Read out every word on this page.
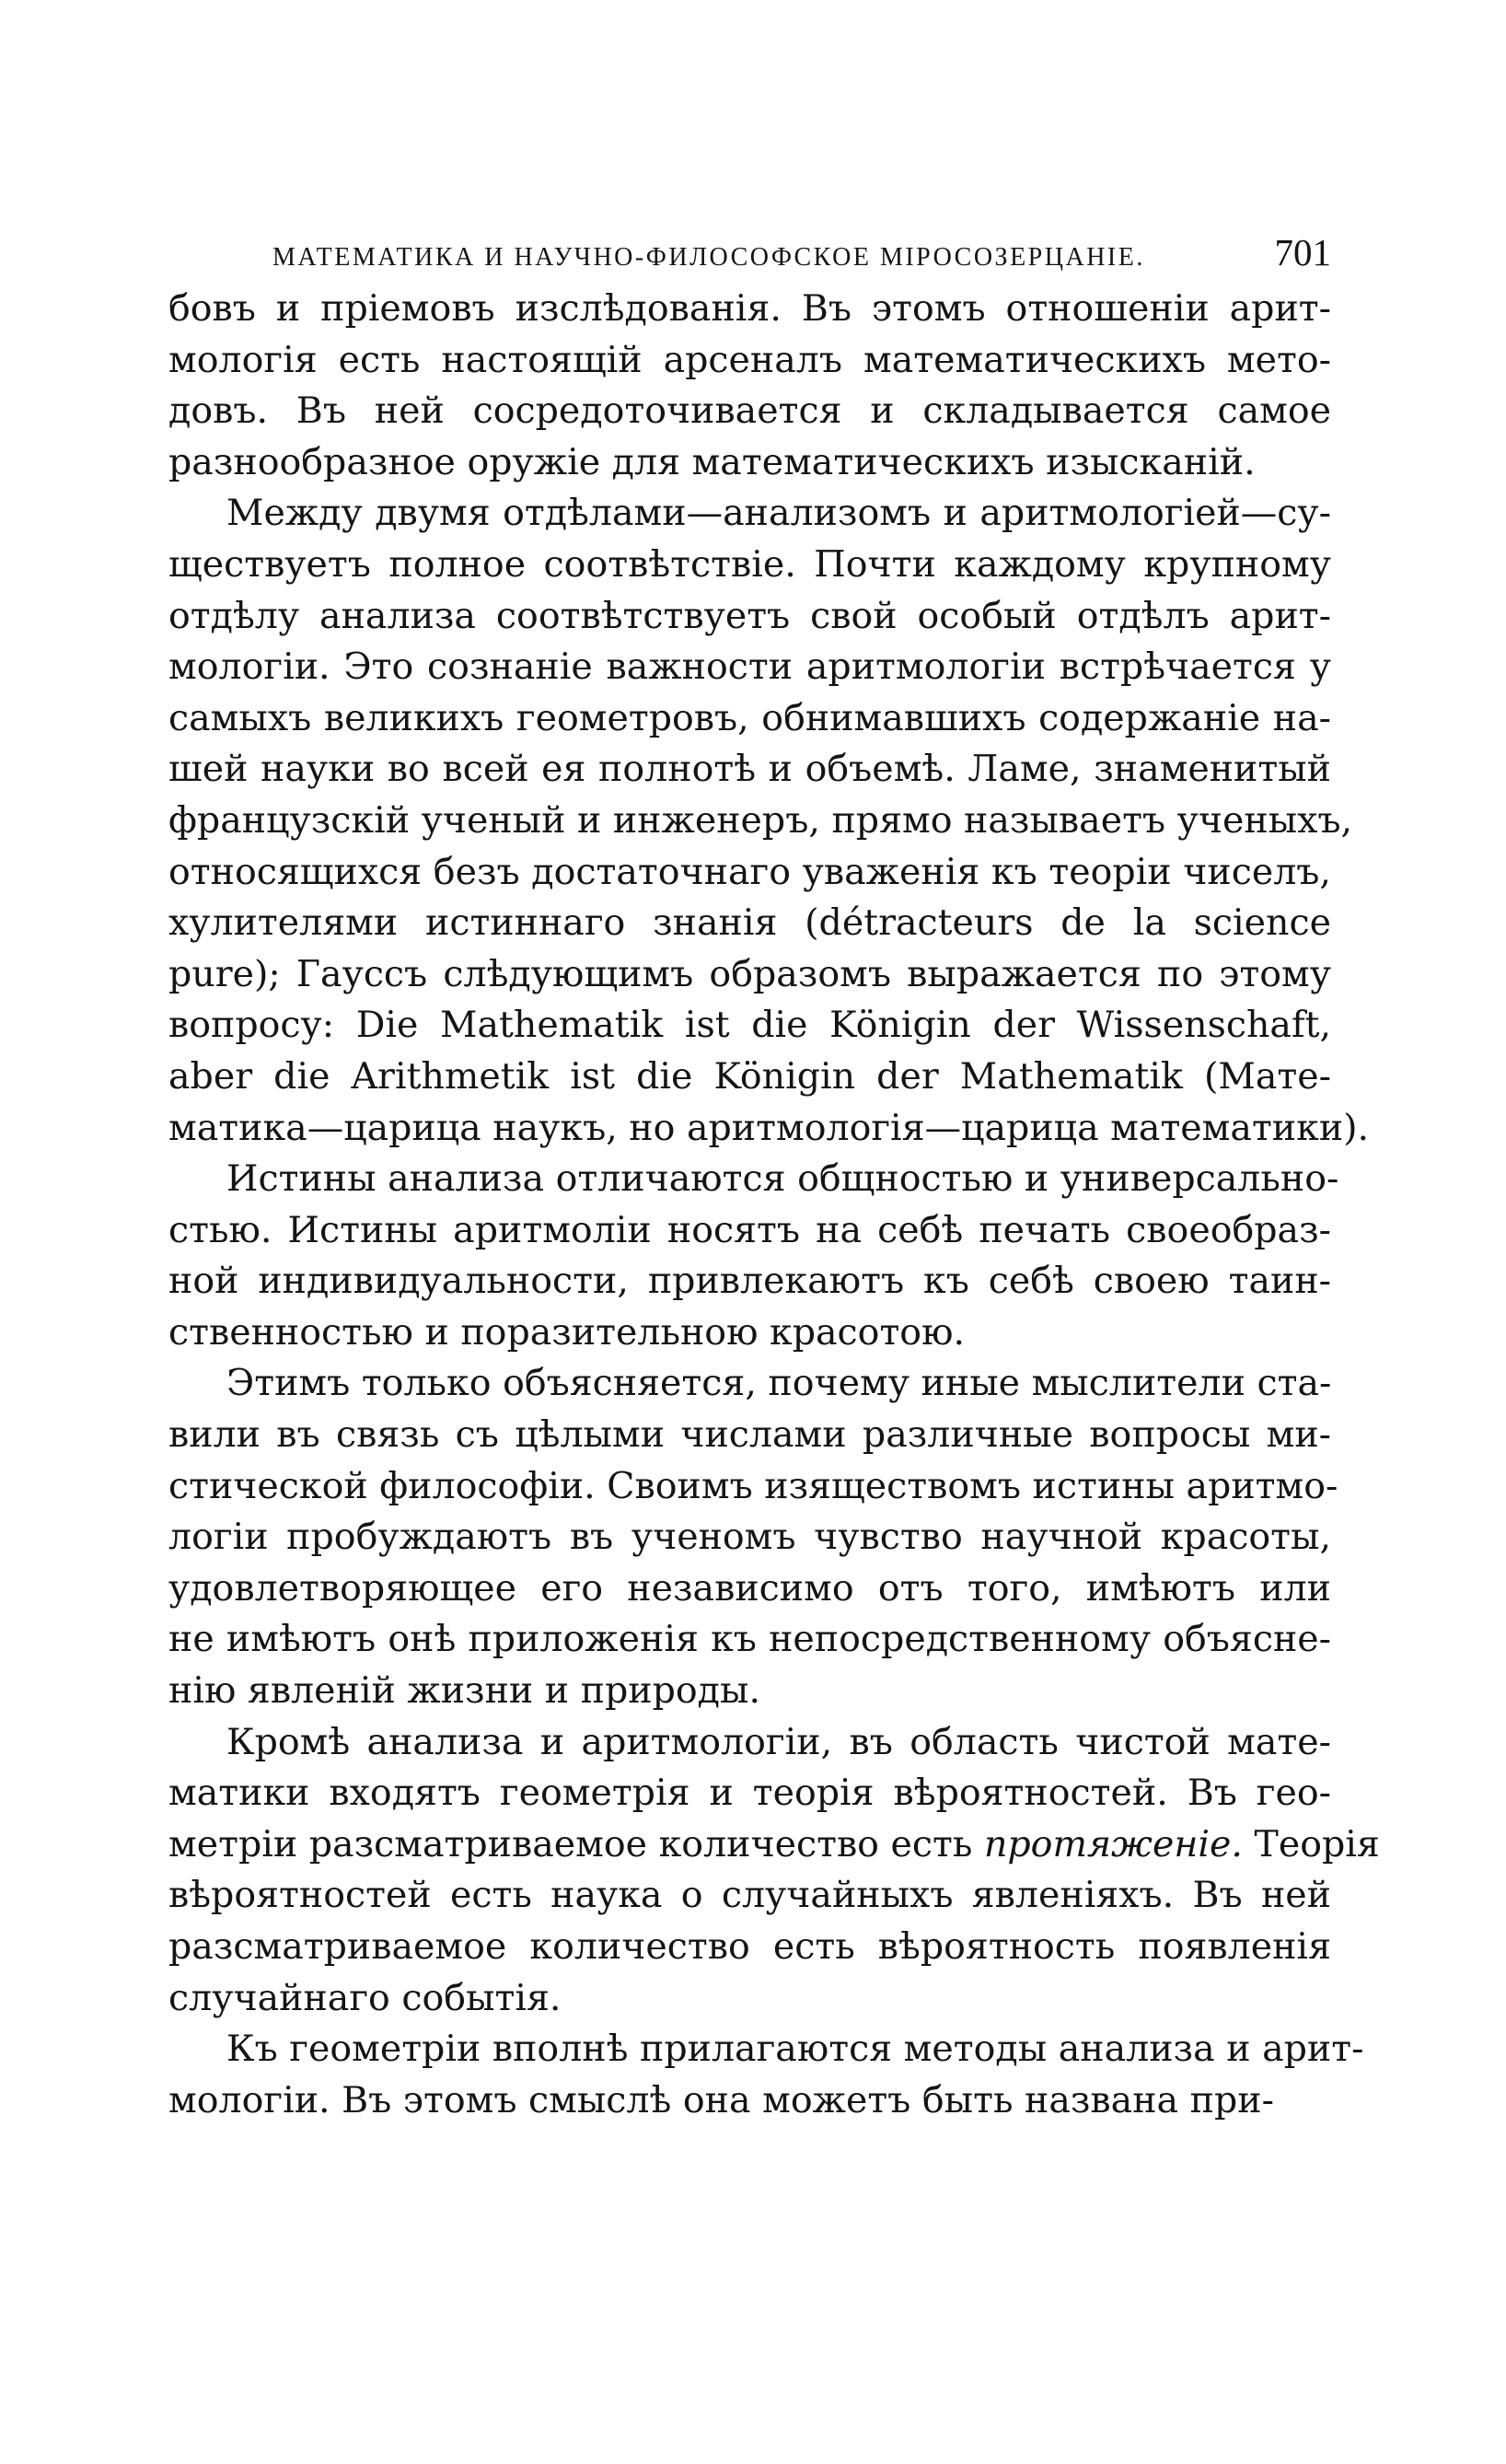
МАТЕМАТИКА И НАУЧНО-ФИЛОСОФСКОЕ МІРОСОЗЕРЦАНІЕ.	701

бовъ и пріемовъ изслѣдованія. Въ этомъ отношеніи арит-
мологія есть настоящій арсеналъ математическихъ мето-
довъ. Въ ней сосредоточивается и складывается самое
разнообразное оружіе для математическихъ изысканій.

Между двумя отдѣлами—анализомъ и аритмологіей—су-
ществуетъ полное соотвѣтствіе. Почти каждому крупному
отдѣлу анализа соотвѣтствуетъ свой особый отдѣлъ арит-
мологіи. Это сознаніе важности аритмологіи встрѣчается у
самыхъ великихъ геометровъ, обнимавшихъ содержаніе на-
шей науки во всей ея полнотѣ и объемѣ. Ламе, знаменитый
французскій ученый и инженеръ, прямо называетъ ученыхъ,
относящихся безъ достаточнаго уваженія къ теоріи чиселъ,
хулителями истиннаго знанія (détracteurs de la science
pure); Гауссъ слѣдующимъ образомъ выражается по этому
вопросу: Die Mathematik ist die Königin der Wissenschaft,
aber die Arithmetik ist die Königin der Mathematik (Мате-
матика—царица наукъ, но аритмологія—царица математики).

Истины анализа отличаются общностью и универсально-
стью. Истины аритмоліи носятъ на себѣ печать своеобраз-
ной индивидуальности, привлекаютъ къ себѣ своею таин-
ственностью и поразительною красотою.

Этимъ только объясняется, почему иные мыслители ста-
вили въ связь съ цѣлыми числами различные вопросы ми-
стической философіи. Своимъ изяществомъ истины аритмо-
логіи пробуждаютъ въ ученомъ чувство научной красоты,
удовлетворяющее его независимо отъ того, имѣютъ или
не имѣютъ онѣ приложенія къ непосредственному объясне-
нію явленій жизни и природы.

Кромѣ анализа и аритмологіи, въ область чистой мате-
матики входятъ геометрія и теорія вѣроятностей. Въ гео-
метріи разсматриваемое количество есть протяженіе. Теорія
вѣроятностей есть наука о случайныхъ явленіяхъ. Въ ней
разсматриваемое количество есть вѣроятность появленія
случайнаго событія.

Къ геометріи вполнѣ прилагаются методы анализа и арит-
мологіи. Въ этомъ смыслѣ она можетъ быть названа при-
